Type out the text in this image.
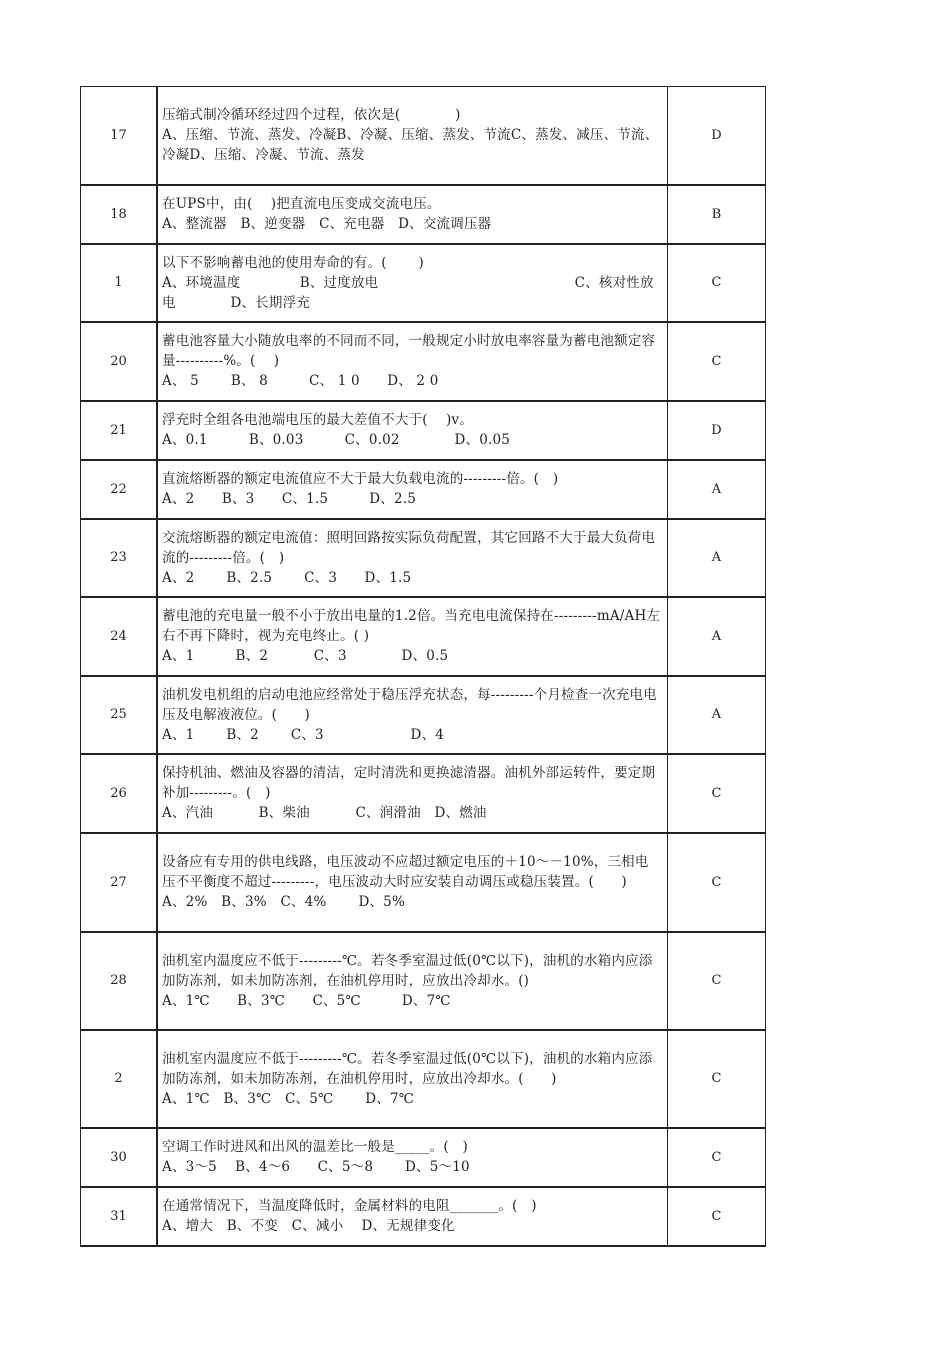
17	压缩式制冷循环经过四个过程，依次是(　　　　)
A、压缩、节流、蒸发、冷凝B、冷凝、压缩、蒸发、节流C、蒸发、减压、节流、冷凝D、压缩、冷凝、节流、蒸发	D
18	在UPS中，由(　 )把直流电压变成交流电压。
A、整流器　B、逆变器　C、充电器　D、交流调压器	B
1	以下不影响蓄电池的使用寿命的有。(　　 )
A、环境温度　　　　 B、过度放电　　　　　　　　　　　　　　 C、核对性放电　　　　D、长期浮充	C
20	蓄电池容量大小随放电率的不同而不同，一般规定小时放电率容量为蓄电池额定容量----------%。(　 )
A、 5　　 B、 8　　　C、 1 0　　D、 2 0	C
21	浮充时全组各电池端电压的最大差值不大于(　 )v。
A、0.1　　　B、0.03　　　C、0.02　　　　D、0.05	D
22	直流熔断器的额定电流值应不大于最大负载电流的---------倍。(　)
A、2　　B、3　　C、1.5　　　D、2.5	A
23	交流熔断器的额定电流值：照明回路按实际负荷配置，其它回路不大于最大负荷电流的---------倍。(　)
A、2　　 B、2.5　　 C、3　　D、1.5	A
24	蓄电池的充电量一般不小于放出电量的1.2倍。当充电电流保持在---------mA/AH左右不再下降时，视为充电终止。( )
A、1　　　B、2　　　 C、3　　　　D、0.5	A
25	油机发电机组的启动电池应经常处于稳压浮充状态，每---------个月检查一次充电电压及电解液液位。(　　)
A、1　　 B、2　　 C、3　　　　　　 D、4	A
26	保持机油、燃油及容器的清洁，定时清洗和更换滤清器。油机外部运转件，要定期补加---------。(　)
A、汽油　　　 B、柴油　　　 C、润滑油　D、燃油	C
27	设备应有专用的供电线路，电压波动不应超过额定电压的＋10～－10%，三相电压不平衡度不超过---------，电压波动大时应安装自动调压或稳压装置。(　　)
A、2%　B、3%　C、4%　　 D、5%	C
28	油机室内温度应不低于---------℃。若冬季室温过低(0℃以下)，油机的水箱内应添加防冻剂，如未加防冻剂，在油机停用时，应放出冷却水。()
A、1℃　　B、3℃　　C、5℃　　　D、7℃	C
2	油机室内温度应不低于---------℃。若冬季室温过低(0℃以下)，油机的水箱内应添加防冻剂，如未加防冻剂，在油机停用时，应放出冷却水。(　　)
A、1℃　B、3℃　C、5℃　　 D、7℃	C
30	空调工作时进风和出风的温差比一般是_____。(　)
A、3～5　 B、4～6　　C、5～8　　 D、5～10	C
31	在通常情况下，当温度降低时，金属材料的电阻_______。(　)
A、增大　B、不变　C、减小　 D、无规律变化	C
